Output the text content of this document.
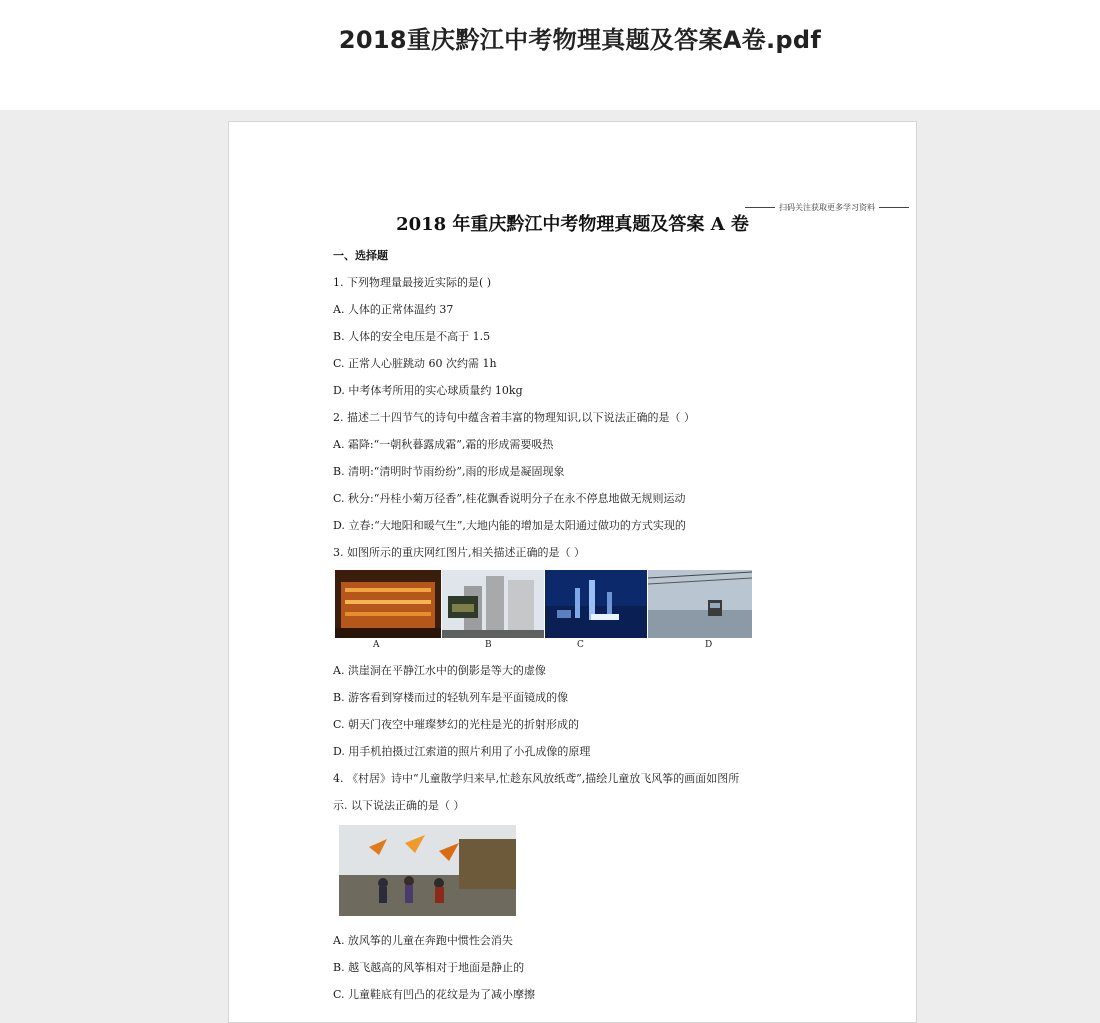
2018重庆黔江中考物理真题及答案A卷.pdf
扫码关注获取更多学习资料
2018 年重庆黔江中考物理真题及答案 A 卷
一、选择题
1. 下列物理量最接近实际的是( )
A. 人体的正常体温约 37
B. 人体的安全电压是不高于 1.5
C. 正常人心脏跳动 60 次约需 1h
D. 中考体考所用的实心球质量约 10kg
2. 描述二十四节气的诗句中蕴含着丰富的物理知识,以下说法正确的是（ ）
A. 霜降:“一朝秋暮露成霜”,霜的形成需要吸热
B. 清明:“清明时节雨纷纷”,雨的形成是凝固现象
C. 秋分:“丹桂小菊万径香”,桂花飘香说明分子在永不停息地做无规则运动
D. 立春:“大地阳和暖气生”,大地内能的增加是太阳通过做功的方式实现的
3. 如图所示的重庆网红图片,相关描述正确的是（ ）
A	B	C	D
A. 洪崖洞在平静江水中的倒影是等大的虚像
B. 游客看到穿楼而过的轻轨列车是平面镜成的像
C. 朝天门夜空中璀璨梦幻的光柱是光的折射形成的
D. 用手机拍摄过江索道的照片利用了小孔成像的原理
4. 《村居》诗中“儿童散学归来早,忙趁东风放纸鸢”,描绘儿童放飞风筝的画面如图所
示. 以下说法正确的是（ ）
A. 放风筝的儿童在奔跑中惯性会消失
B. 越飞越高的风筝相对于地面是静止的
C. 儿童鞋底有凹凸的花纹是为了减小摩擦
